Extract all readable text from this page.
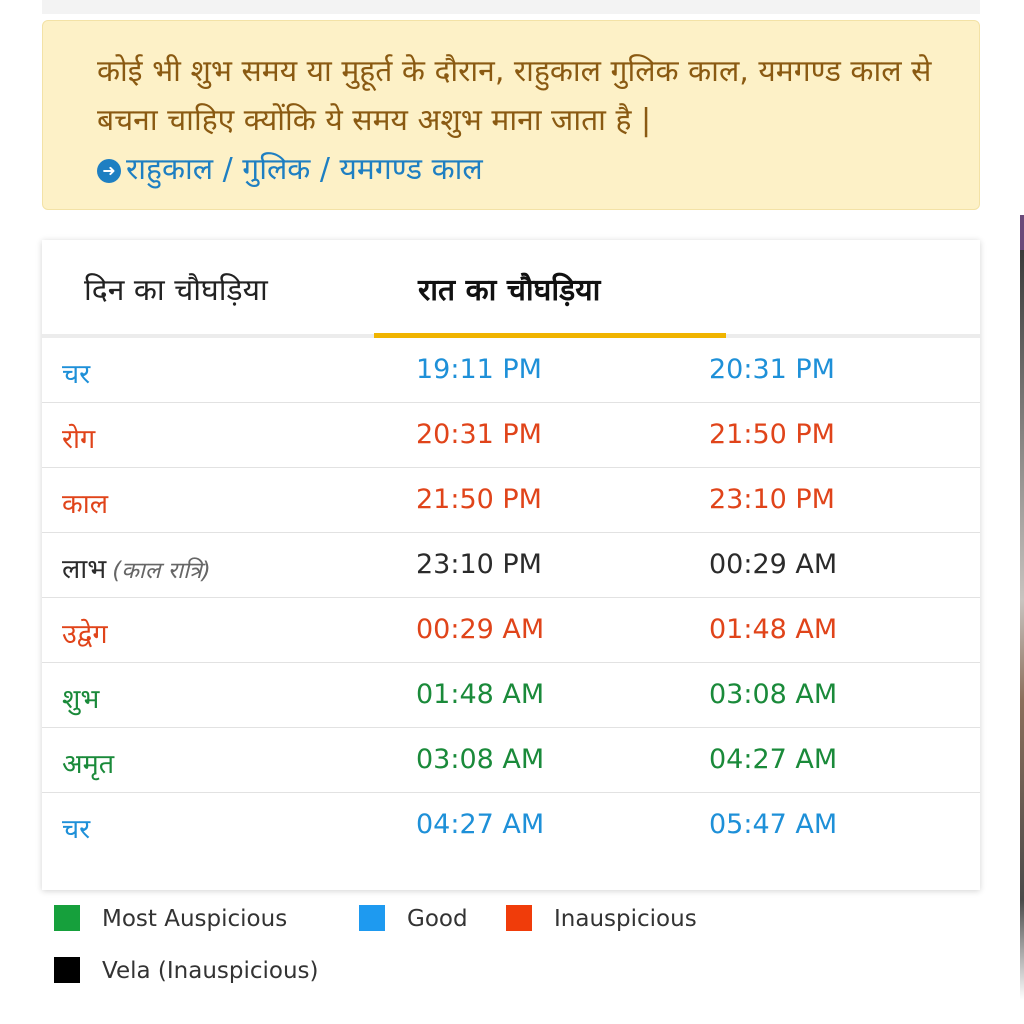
कोई भी शुभ समय या मुहूर्त के दौरान, राहुकाल गुलिक काल, यमगण्ड काल से बचना चाहिए क्योंकि ये समय अशुभ माना जाता है | ➜ राहुकाल / गुलिक / यमगण्ड काल
दिन का चौघड़िया	रात का चौघड़िया
चर	19:11 PM	20:31 PM
रोग	20:31 PM	21:50 PM
काल	21:50 PM	23:10 PM
लाभ (काल रात्रि)	23:10 PM	00:29 AM
उद्वेग	00:29 AM	01:48 AM
शुभ	01:48 AM	03:08 AM
अमृत	03:08 AM	04:27 AM
चर	04:27 AM	05:47 AM
Most Auspicious	Good	Inauspicious
Vela (Inauspicious)
